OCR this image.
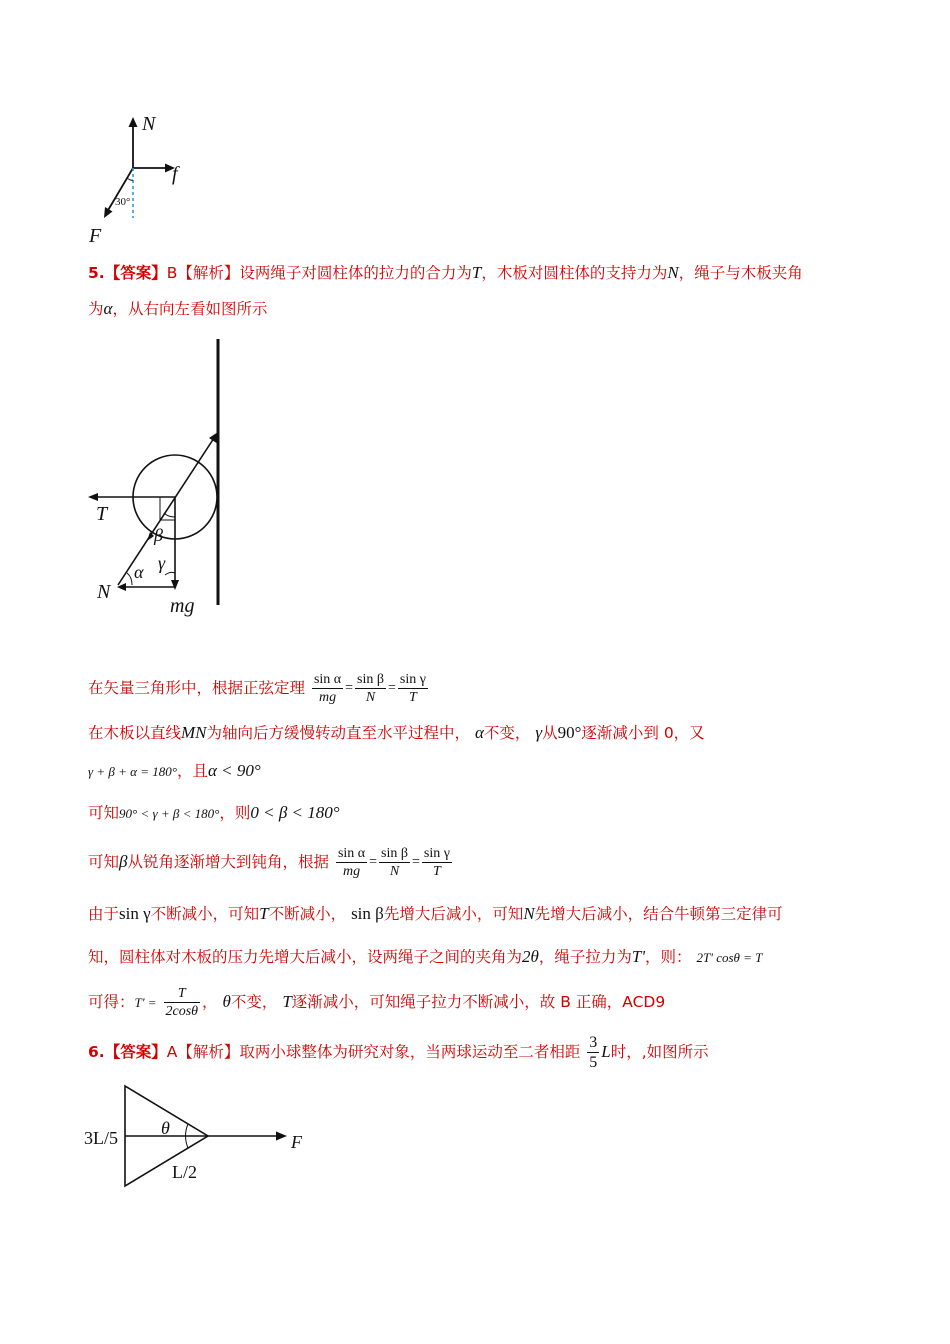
N
f
F
30°
5.【答案】B【解析】设两绳子对圆柱体的拉力的合力为T，木板对圆柱体的支持力为N，绳子与木板夹角
为α，从右向左看如图所示
T
β
α γ
N
mg
在矢量三角形中，根据正弦定理 $\frac{\text{sin α}}{mg} = \frac{\text{sin β}}{N} = \frac{\text{sin γ}}{T}$
在木板以直线MN为轴向后方缓慢转动直至水平过程中， α不变， γ从90°逐渐减小到 0，又
γ + β + α = 180°，且α < 90°
可知90° < γ + β < 180°，则0 < β < 180°
可知β从锐角逐渐增大到钝角，根据 $\frac{\text{sin α}}{mg} = \frac{\text{sin β}}{N} = \frac{\text{sin γ}}{T}$
由于sin γ不断减小，可知T不断减小， sin β先增大后减小，可知N先增大后减小，结合牛顿第三定律可
知，圆柱体对木板的压力先增大后减小，设两绳子之间的夹角为2θ，绳子拉力为T'，则： 2T' cosθ = T
可得：$T' = \frac{T}{2\cos\theta}$ ， θ不变， T逐渐减小，可知绳子拉力不断减小，故 B 正确，ACD9
6.【答案】A【解析】取两小球整体为研究对象，当两球运动至二者相距 $\frac{3}{5}$ L时，,如图所示
3L/5 θ
L/2
F
